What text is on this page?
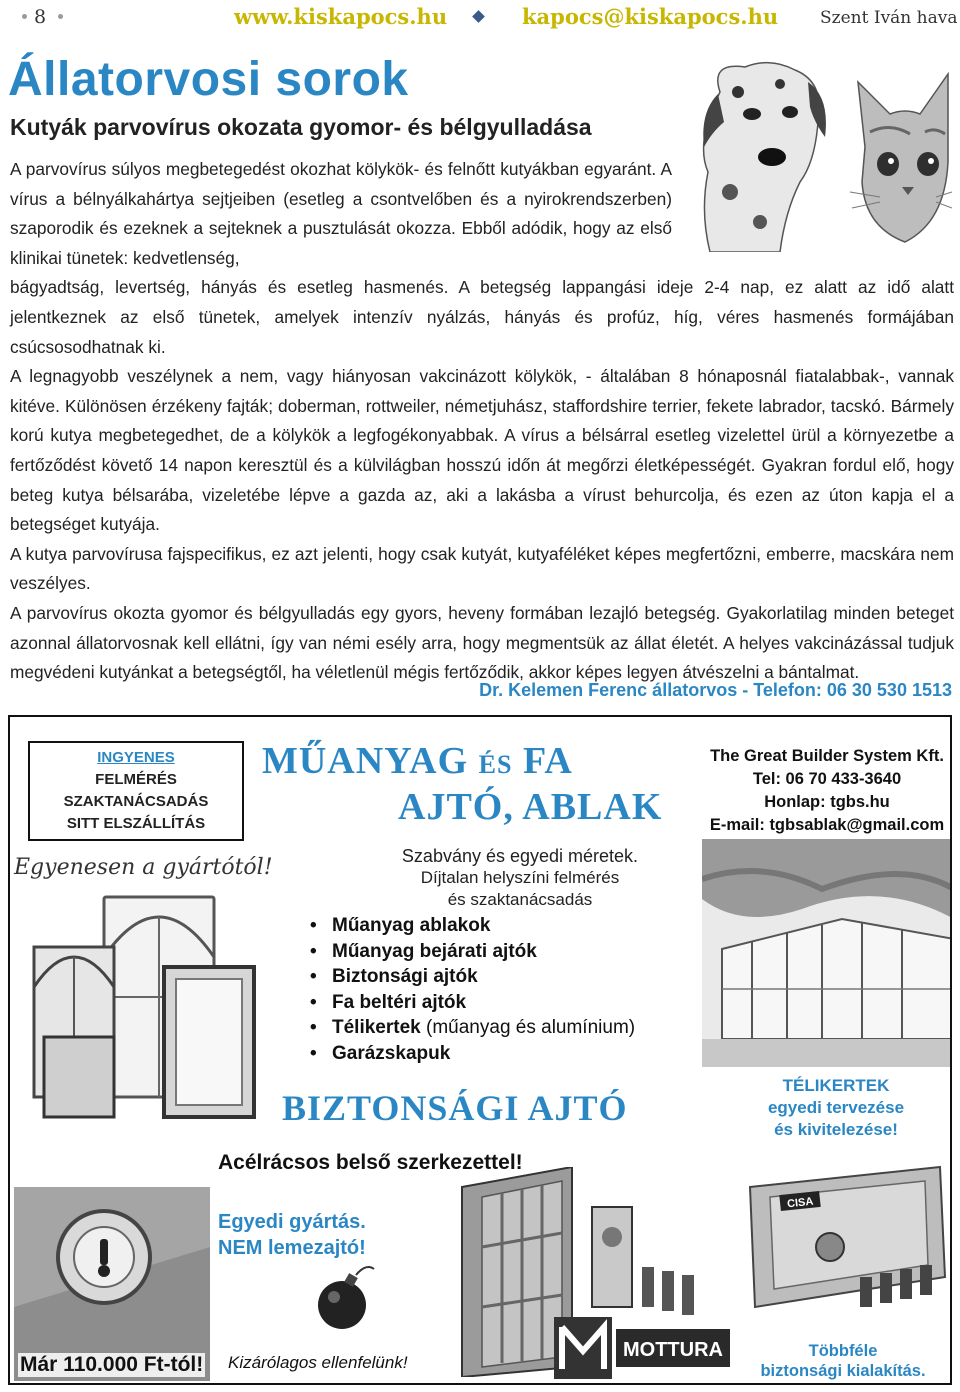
8	www.kiskapocs.hu	kapocs@kiskapocs.hu Szent Iván hava
Állatorvosi sorok
Kutyák parvovírus okozata gyomor- és bélgyulladása

A parvovírus súlyos megbetegedést okozhat kölykök- és felnőtt kutyákban egyaránt. A vírus a bélnyálkahártya sejtjeiben (esetleg a csontvelőben és a nyirokrendszerben) szaporodik és ezeknek a sejteknek a pusztulását okozza. Ebből adódik, hogy az első klinikai tünetek: kedvetlenség,

bágyadtság, levertség, hányás és esetleg hasmenés. A betegség lappangási ideje 2-4 nap, ez alatt az idő alatt jelentkeznek az első tünetek, amelyek intenzív nyálzás, hányás és profúz, híg, véres hasmenés formájában csúcsosodhatnak ki.

A legnagyobb veszélynek a nem, vagy hiányosan vakcinázott kölykök, - általában 8 hónaposnál fiatalabbak-, vannak kitéve. Különösen érzékeny fajták; doberman, rottweiler, németjuhász, staffordshire terrier, fekete labrador, tacskó. Bármely korú kutya megbetegedhet, de a kölykök a legfogékonyabbak. A vírus a bélsárral esetleg vizelettel ürül a környezetbe a fertőződést követő 14 napon keresztül és a külvilágban hosszú időn át megőrzi életképességét. Gyakran fordul elő, hogy beteg kutya bélsarába, vizeletébe lépve a gazda az, aki a lakásba a vírust behurcolja, és ezen az úton kapja el a betegséget kutyája.

A kutya parvovírusa fajspecifikus, ez azt jelenti, hogy csak kutyát, kutyaféléket képes megfertőzni, emberre, macskára nem veszélyes.

A parvovírus okozta gyomor és bélgyulladás egy gyors, heveny formában lezajló betegség. Gyakorlatilag minden beteget azonnal állatorvosnak kell ellátni, így van némi esély arra, hogy megmentsük az állat életét. A helyes vakcinázással tudjuk megvédeni kutyánkat a betegségtől, ha véletlenül mégis fertőződik, akkor képes legyen átvészelni a bántalmat.

Dr. Kelemen Ferenc állatorvos - Telefon: 06 30 530 1513
INGYENES
FELMÉRÉS
SZAKTANÁCSADÁS
SITT ELSZÁLLÍTÁS
Egyenesen a gyártótól!
MŰANYAG ÉS FA
AJTÓ, ABLAK
Szabvány és egyedi méretek.
Díjtalan helyszíni felmérés
és szaktanácsadás
• Műanyag ablakok
• Műanyag bejárati ajtók
• Biztonsági ajtók
• Fa beltéri ajtók
• Télikertek (műanyag és alumínium)
• Garázskapuk
The Great Builder System Kft.
Tel: 06 70 433-3640
Honlap: tgbs.hu
E-mail: tgbsablak@gmail.com
TÉLIKERTEK
egyedi tervezése
és kivitelezése!
BIZTONSÁGI AJTÓ
Acélrácsos belső szerkezettel!
Egyedi gyártás.
NEM lemezajtó!
Már 110.000 Ft-tól! Kizárólagos ellenfelünk!
MOTTURA
CISA
Többféle
biztonsági kialakítás.
